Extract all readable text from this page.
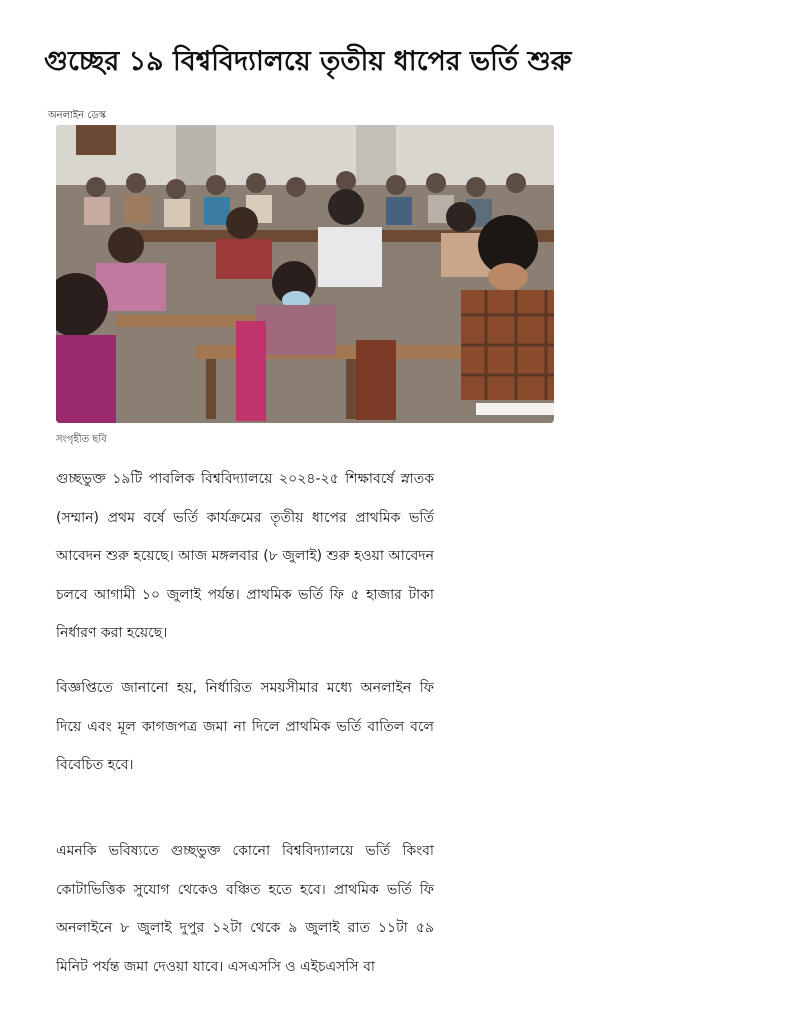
গুচ্ছের ১৯ বিশ্ববিদ্যালয়ে তৃতীয় ধাপের ভর্তি শুরু
অনলাইন ডেস্ক
সংগৃহীত ছবি

গুচ্ছভুক্ত ১৯টি পাবলিক বিশ্ববিদ্যালয়ে ২০২৪-২৫ শিক্ষাবর্ষে স্নাতক (সম্মান) প্রথম বর্ষে ভর্তি কার্যক্রমের তৃতীয় ধাপের প্রাথমিক ভর্তি আবেদন শুরু হয়েছে। আজ মঙ্গলবার (৮ জুলাই) শুরু হওয়া আবেদন চলবে আগামী ১০ জুলাই পর্যন্ত। প্রাথমিক ভর্তি ফি ৫ হাজার টাকা নির্ধারণ করা হয়েছে।

বিজ্ঞপ্তিতে জানানো হয়, নির্ধারিত সময়সীমার মধ্যে অনলাইন ফি দিয়ে এবং মূল কাগজপত্র জমা না দিলে প্রাথমিক ভর্তি বাতিল বলে বিবেচিত হবে।

এমনকি ভবিষ্যতে গুচ্ছভুক্ত কোনো বিশ্ববিদ্যালয়ে ভর্তি কিংবা কোটাভিত্তিক সুযোগ থেকেও বঞ্চিত হতে হবে। প্রাথমিক ভর্তি ফি অনলাইনে ৮ জুলাই দুপুর ১২টা থেকে ৯ জুলাই রাত ১১টা ৫৯ মিনিট পর্যন্ত জমা দেওয়া যাবে। এসএসসি ও এইচএসসি বা
